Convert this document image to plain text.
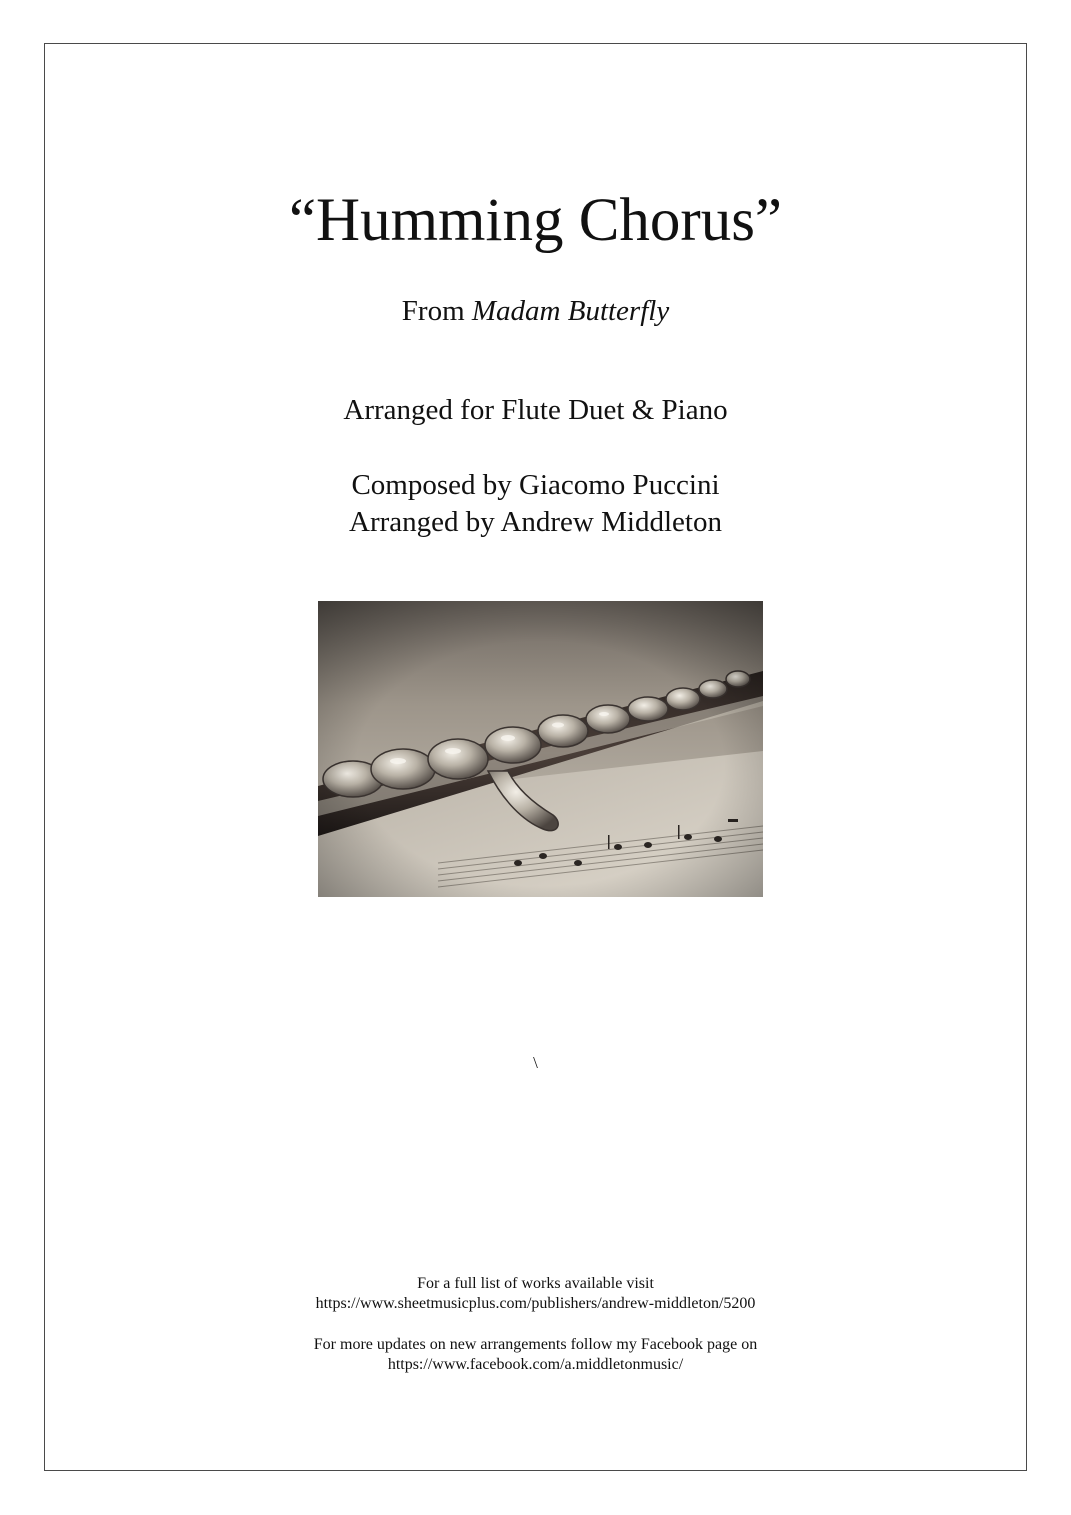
“Humming Chorus”
From Madam Butterfly
Arranged for Flute Duet & Piano
Composed by Giacomo Puccini
Arranged by Andrew Middleton
\
For a full list of works available visit
https://www.sheetmusicplus.com/publishers/andrew-middleton/5200
For more updates on new arrangements follow my Facebook page on
https://www.facebook.com/a.middletonmusic/
